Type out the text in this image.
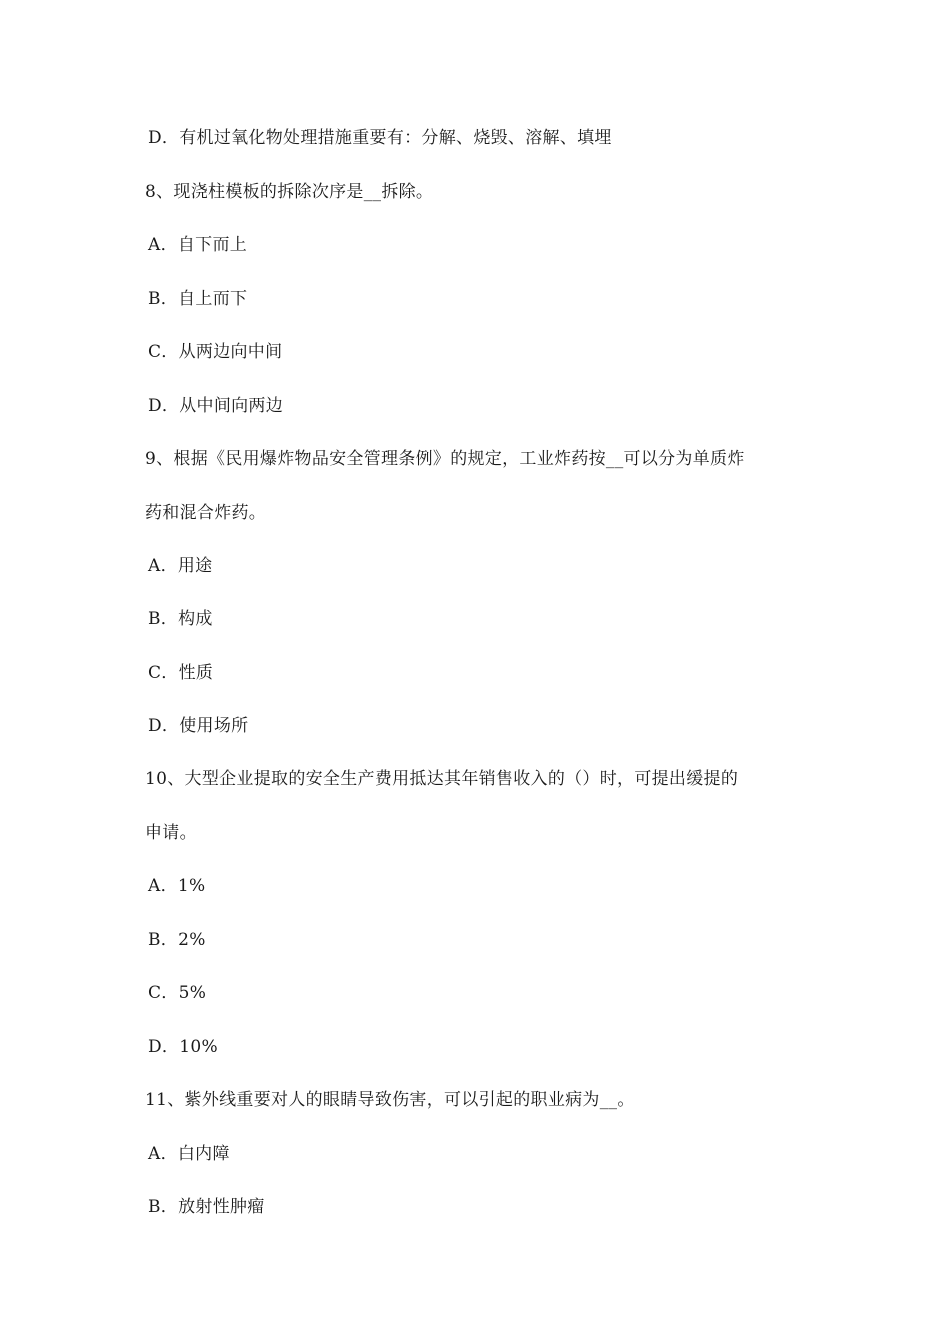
D．有机过氧化物处理措施重要有：分解、烧毁、溶解、填埋
8、现浇柱模板的拆除次序是__拆除。
A．自下而上
B．自上而下
C．从两边向中间
D．从中间向两边
9、根据《民用爆炸物品安全管理条例》的规定，工业炸药按__可以分为单质炸
药和混合炸药。
A．用途
B．构成
C．性质
D．使用场所
10、大型企业提取的安全生产费用抵达其年销售收入的（）时，可提出缓提的
申请。
A．1%
B．2%
C．5%
D．10%
11、紫外线重要对人的眼睛导致伤害，可以引起的职业病为__。
A．白内障
B．放射性肿瘤
